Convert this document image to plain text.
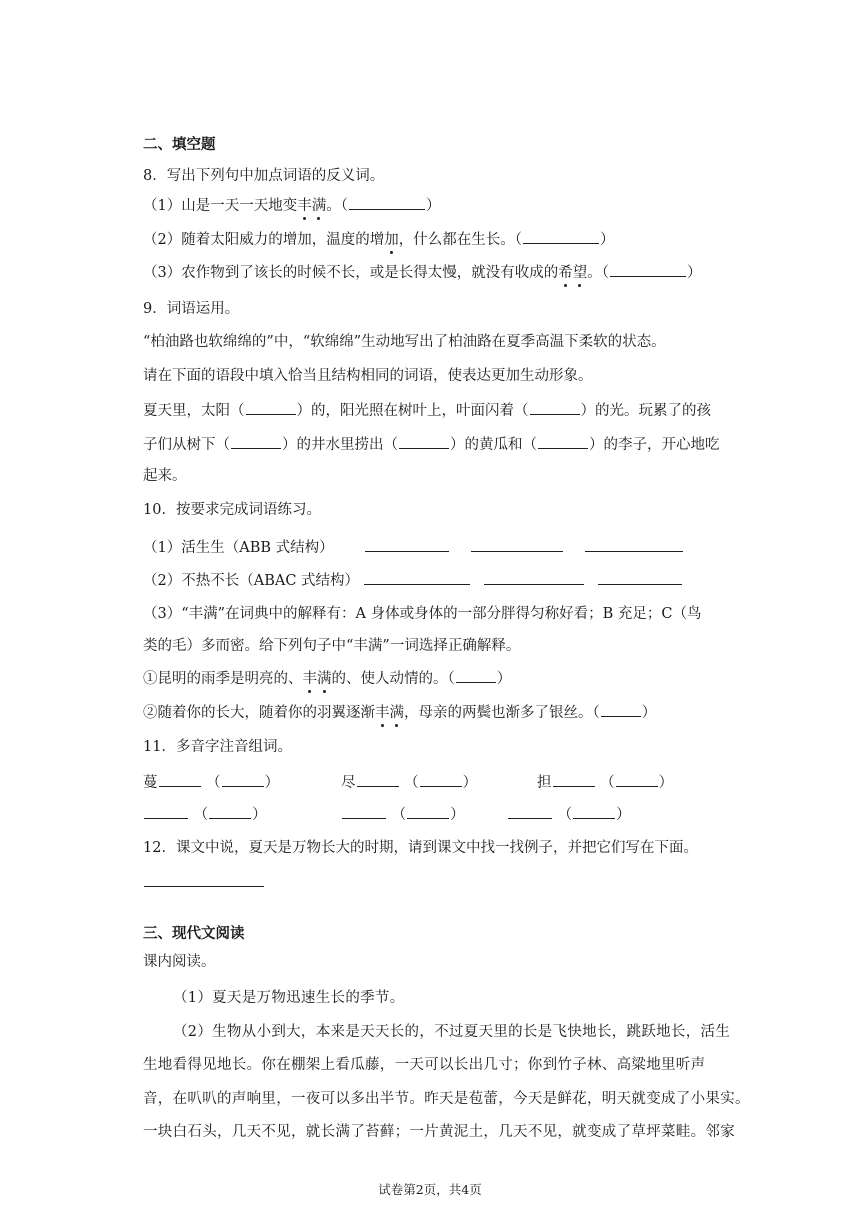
二、填空题
8．写出下列句中加点词语的反义词。
（1）山是一天一天地变丰满。（	）
（2）随着太阳威力的增加，温度的增加，什么都在生长。（	）
（3）农作物到了该长的时候不长，或是长得太慢，就没有收成的希望。（	）
9．词语运用。
“柏油路也软绵绵的”中，“软绵绵”生动地写出了柏油路在夏季高温下柔软的状态。
请在下面的语段中填入恰当且结构相同的词语，使表达更加生动形象。
夏天里，太阳（	）的，阳光照在树叶上，叶面闪着（	）的光。玩累了的孩
子们从树下（	）的井水里捞出（	）的黄瓜和（	）的李子，开心地吃
起来。
10．按要求完成词语练习。
（1）活生生（ABB 式结构）
（2）不热不长（ABAC 式结构）
（3）“丰满”在词典中的解释有：A 身体或身体的一部分胖得匀称好看；B 充足；C（鸟
类的毛）多而密。给下列句子中“丰满”一词选择正确解释。
①昆明的雨季是明亮的、丰满的、使人动情的。（	）
②随着你的长大，随着你的羽翼逐渐丰满，母亲的两鬓也渐多了银丝。（	）
11．多音字注音组词。
蔓	（	）	尽	（	）	担	（	）
（	）	（	）	（	）
12．课文中说，夏天是万物长大的时期，请到课文中找一找例子，并把它们写在下面。
三、现代文阅读
课内阅读。
（1）夏天是万物迅速生长的季节。
（2）生物从小到大，本来是天天长的，不过夏天里的长是飞快地长，跳跃地长，活生
生地看得见地长。你在棚架上看瓜藤，一天可以长出几寸；你到竹子林、高粱地里听声
音，在叭叭的声响里，一夜可以多出半节。昨天是苞蕾，今天是鲜花，明天就变成了小果实。
一块白石头，几天不见，就长满了苔藓；一片黄泥土，几天不见，就变成了草坪菜畦。邻家
试卷第2页，共4页
